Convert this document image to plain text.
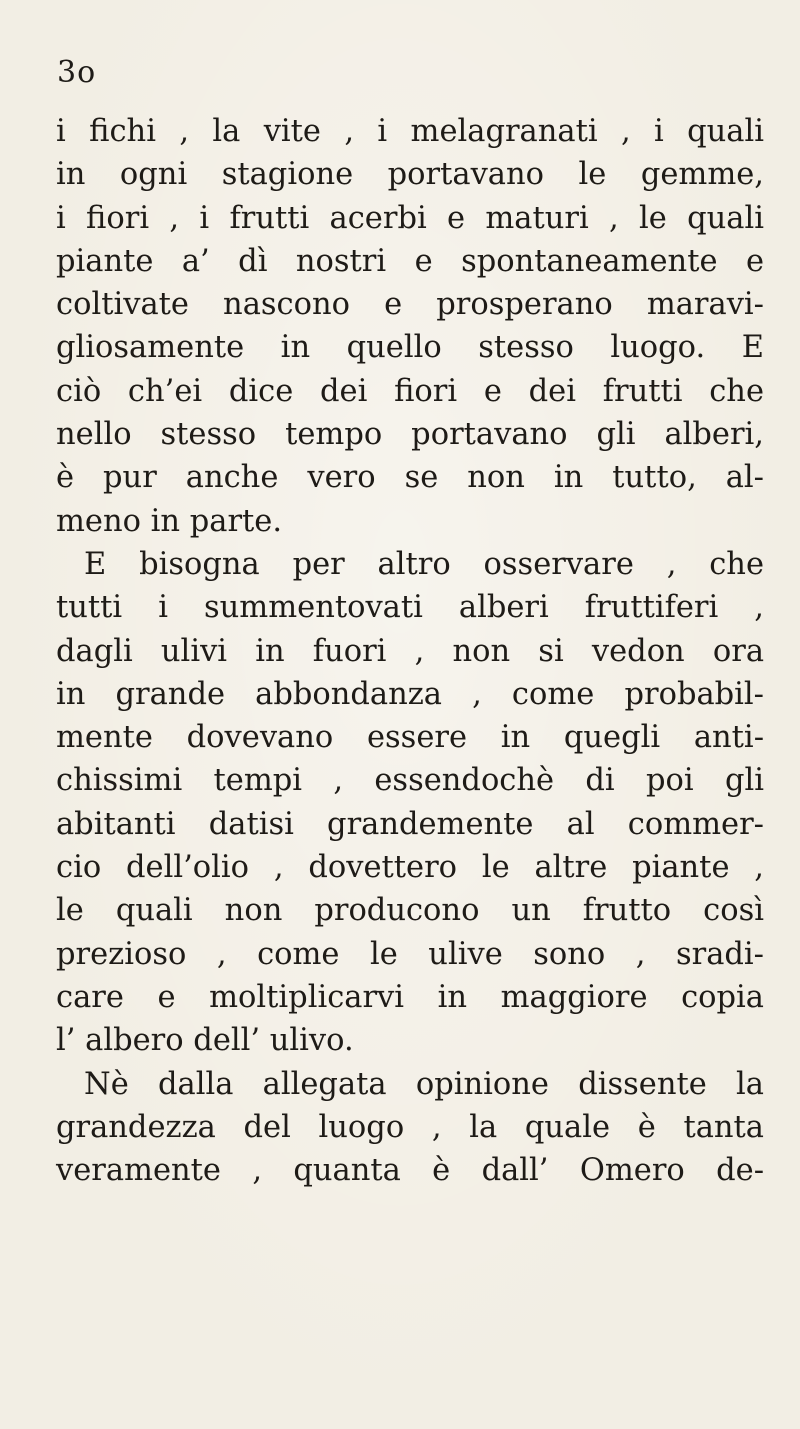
3o
i fichi , la vite , i melagranati , i quali
in ogni stagione portavano le gemme,
i fiori , i frutti acerbi e maturi , le quali
piante a’ dì nostri e spontaneamente e
coltivate nascono e prosperano maravi-
gliosamente in quello stesso luogo. E
ciò ch’ei dice dei fiori e dei frutti che
nello stesso tempo portavano gli alberi,
è pur anche vero se non in tutto, al-
meno in parte.
E bisogna per altro osservare , che
tutti i summentovati alberi fruttiferi ,
dagli ulivi in fuori , non si vedon ora
in grande abbondanza , come probabil-
mente dovevano essere in quegli anti-
chissimi tempi , essendochè di poi gli
abitanti datisi grandemente al commer-
cio dell’olio , dovettero le altre piante ,
le quali non producono un frutto così
prezioso , come le ulive sono , sradi-
care e moltiplicarvi in maggiore copia
l’ albero dell’ ulivo.
Nè dalla allegata opinione dissente la
grandezza del luogo , la quale è tanta
veramente , quanta è dall’ Omero de-
